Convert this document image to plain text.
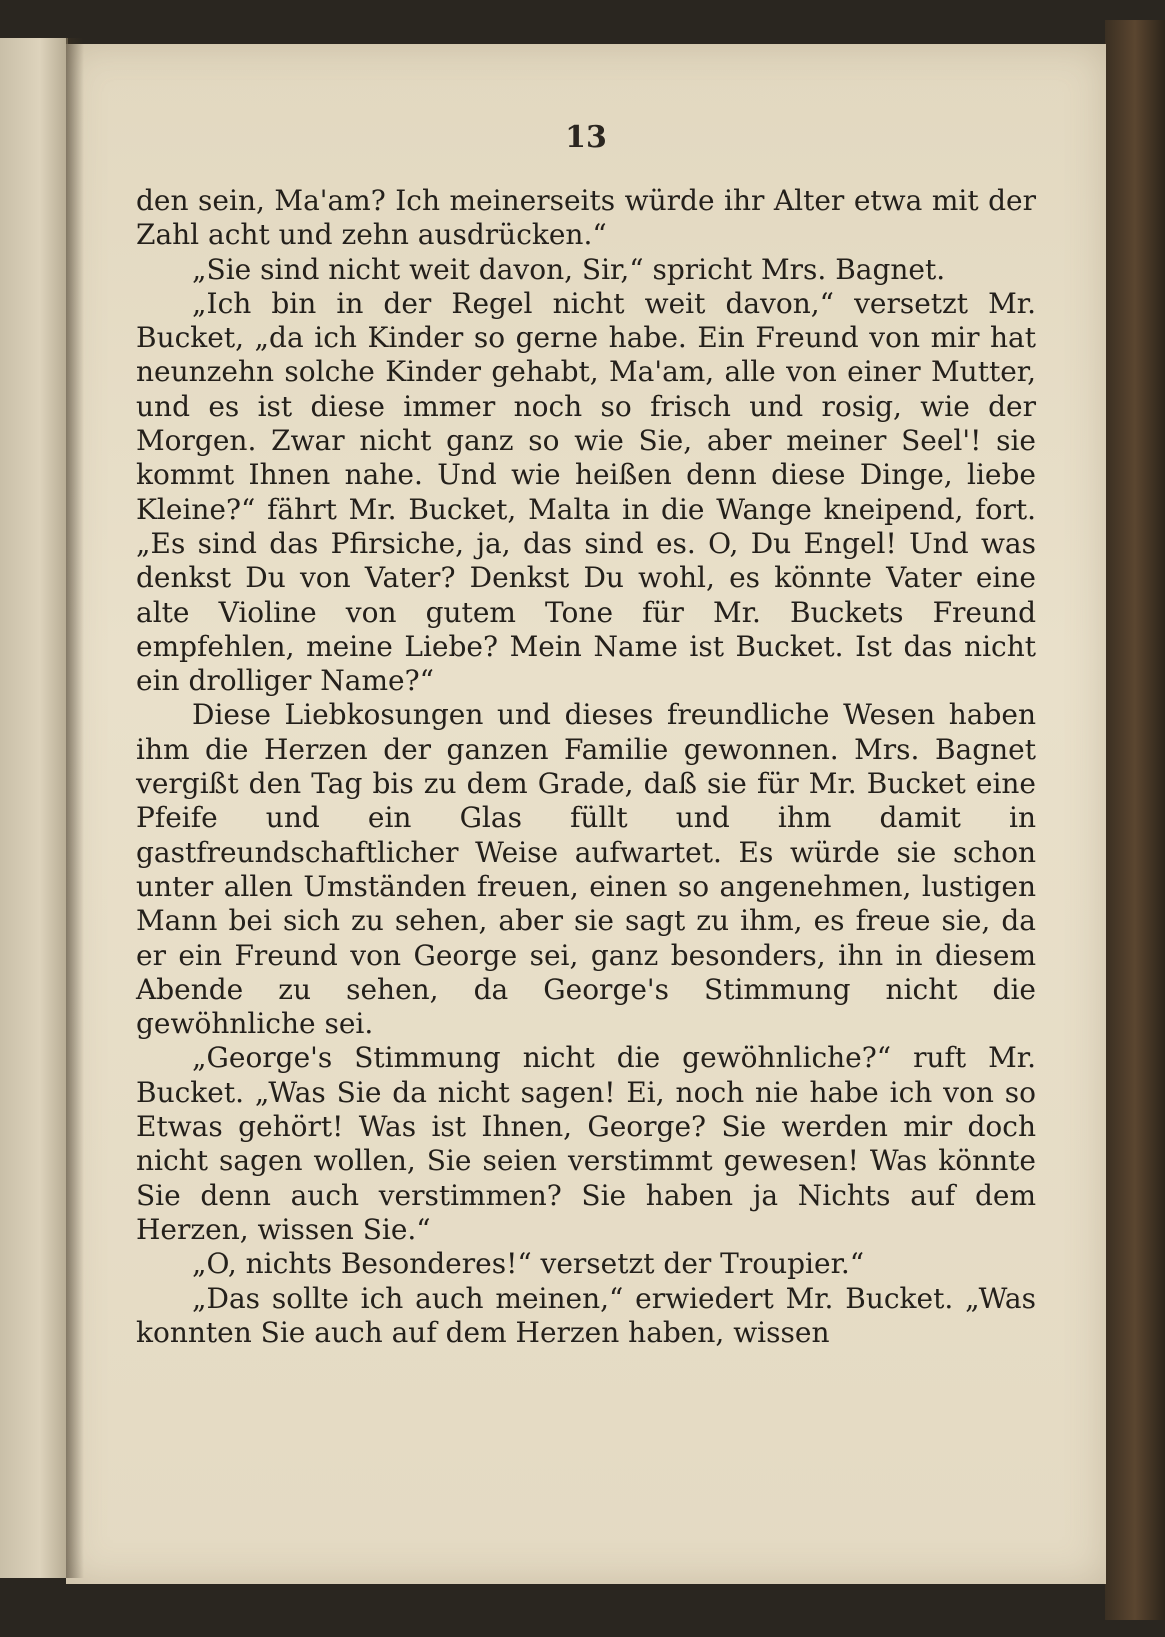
13

den sein, Ma'am? Ich meinerseits würde ihr Alter etwa mit der Zahl acht und zehn ausdrücken.“

„Sie sind nicht weit davon, Sir,“ spricht Mrs. Bagnet.

„Ich bin in der Regel nicht weit davon,“ versetzt Mr. Bucket, „da ich Kinder so gerne habe. Ein Freund von mir hat neunzehn solche Kinder gehabt, Ma'am, alle von einer Mutter, und es ist diese immer noch so frisch und rosig, wie der Morgen. Zwar nicht ganz so wie Sie, aber meiner Seel'! sie kommt Ihnen nahe. Und wie heißen denn diese Dinge, liebe Kleine?“ fährt Mr. Bucket, Malta in die Wange kneipend, fort. „Es sind das Pfirsiche, ja, das sind es. O, Du Engel! Und was denkst Du von Vater? Denkst Du wohl, es könnte Vater eine alte Violine von gutem Tone für Mr. Buckets Freund empfehlen, meine Liebe? Mein Name ist Bucket. Ist das nicht ein drolliger Name?“

Diese Liebkosungen und dieses freundliche Wesen haben ihm die Herzen der ganzen Familie gewonnen. Mrs. Bagnet vergißt den Tag bis zu dem Grade, daß sie für Mr. Bucket eine Pfeife und ein Glas füllt und ihm damit in gastfreundschaftlicher Weise aufwartet. Es würde sie schon unter allen Umständen freuen, einen so angenehmen, lustigen Mann bei sich zu sehen, aber sie sagt zu ihm, es freue sie, da er ein Freund von George sei, ganz besonders, ihn in diesem Abende zu sehen, da George's Stimmung nicht die gewöhnliche sei.

„George's Stimmung nicht die gewöhnliche?“ ruft Mr. Bucket. „Was Sie da nicht sagen! Ei, noch nie habe ich von so Etwas gehört! Was ist Ihnen, George? Sie werden mir doch nicht sagen wollen, Sie seien verstimmt gewesen! Was könnte Sie denn auch verstimmen? Sie haben ja Nichts auf dem Herzen, wissen Sie.“

„O, nichts Besonderes!“ versetzt der Troupier.“

„Das sollte ich auch meinen,“ erwiedert Mr. Bucket. „Was konnten Sie auch auf dem Herzen haben, wissen
